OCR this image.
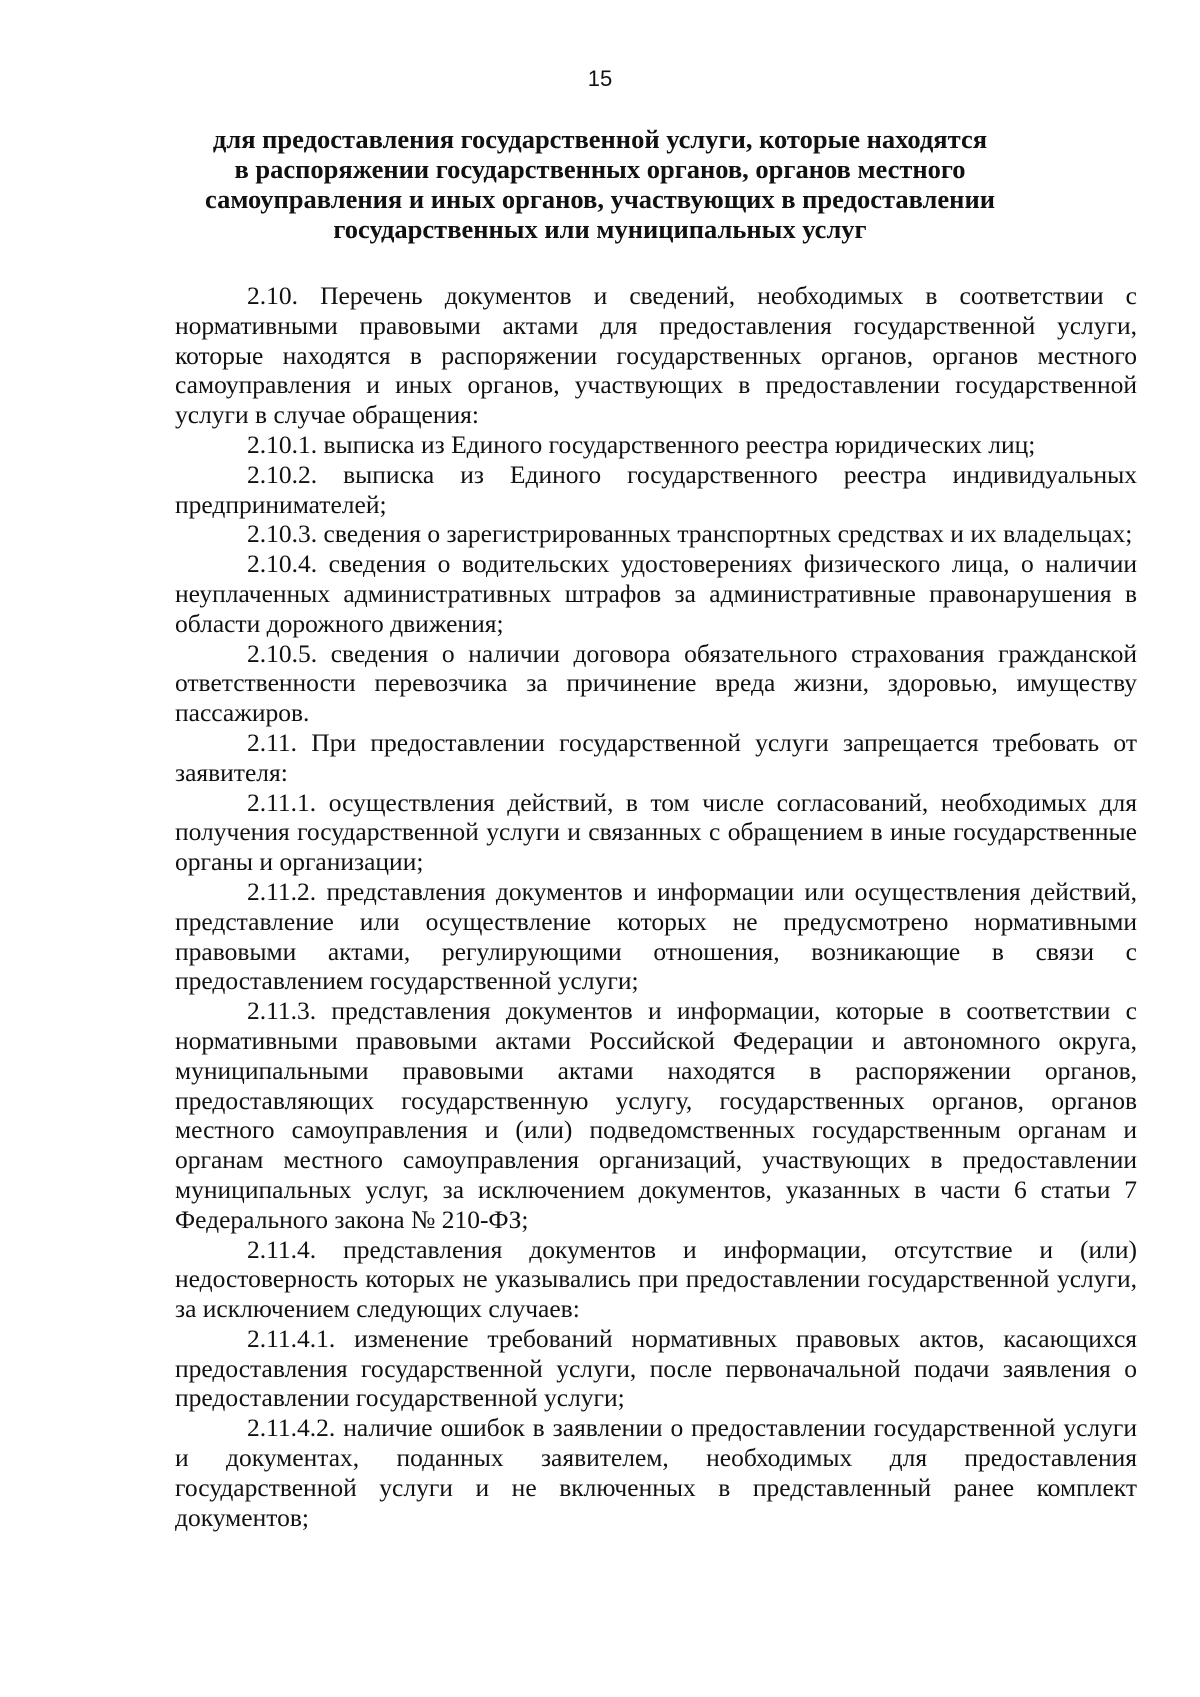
15
для предоставления государственной услуги, которые находятся
в распоряжении государственных органов, органов местного
самоуправления и иных органов, участвующих в предоставлении
государственных или муниципальных услуг

2.10. Перечень документов и сведений, необходимых в соответствии с нормативными правовыми актами для предоставления государственной услуги, которые находятся в распоряжении государственных органов, органов местного самоуправления и иных органов, участвующих в предоставлении государственной услуги в случае обращения:

2.10.1. выписка из Единого государственного реестра юридических лиц;

2.10.2. выписка из Единого государственного реестра индивидуальных предпринимателей;

2.10.3. сведения о зарегистрированных транспортных средствах и их владельцах;

2.10.4. сведения о водительских удостоверениях физического лица, о наличии неуплаченных административных штрафов за административные правонарушения в области дорожного движения;

2.10.5. сведения о наличии договора обязательного страхования гражданской ответственности перевозчика за причинение вреда жизни, здоровью, имуществу пассажиров.

2.11. При предоставлении государственной услуги запрещается требовать от заявителя:

2.11.1. осуществления действий, в том числе согласований, необходимых для получения государственной услуги и связанных с обращением в иные государственные органы и организации;

2.11.2. представления документов и информации или осуществления действий, представление или осуществление которых не предусмотрено нормативными правовыми актами, регулирующими отношения, возникающие в связи с предоставлением государственной услуги;

2.11.3. представления документов и информации, которые в соответствии с нормативными правовыми актами Российской Федерации и автономного округа, муниципальными правовыми актами находятся в распоряжении органов, предоставляющих государственную услугу, государственных органов, органов местного самоуправления и (или) подведомственных государственным органам и органам местного самоуправления организаций, участвующих в предоставлении муниципальных услуг, за исключением документов, указанных в части 6 статьи 7 Федерального закона № 210-ФЗ;

2.11.4. представления документов и информации, отсутствие и (или) недостоверность которых не указывались при предоставлении государственной услуги, за исключением следующих случаев:

2.11.4.1. изменение требований нормативных правовых актов, касающихся предоставления государственной услуги, после первоначальной подачи заявления о предоставлении государственной услуги;

2.11.4.2. наличие ошибок в заявлении о предоставлении государственной услуги и документах, поданных заявителем, необходимых для предоставления государственной услуги и не включенных в представленный ранее комплект документов;
